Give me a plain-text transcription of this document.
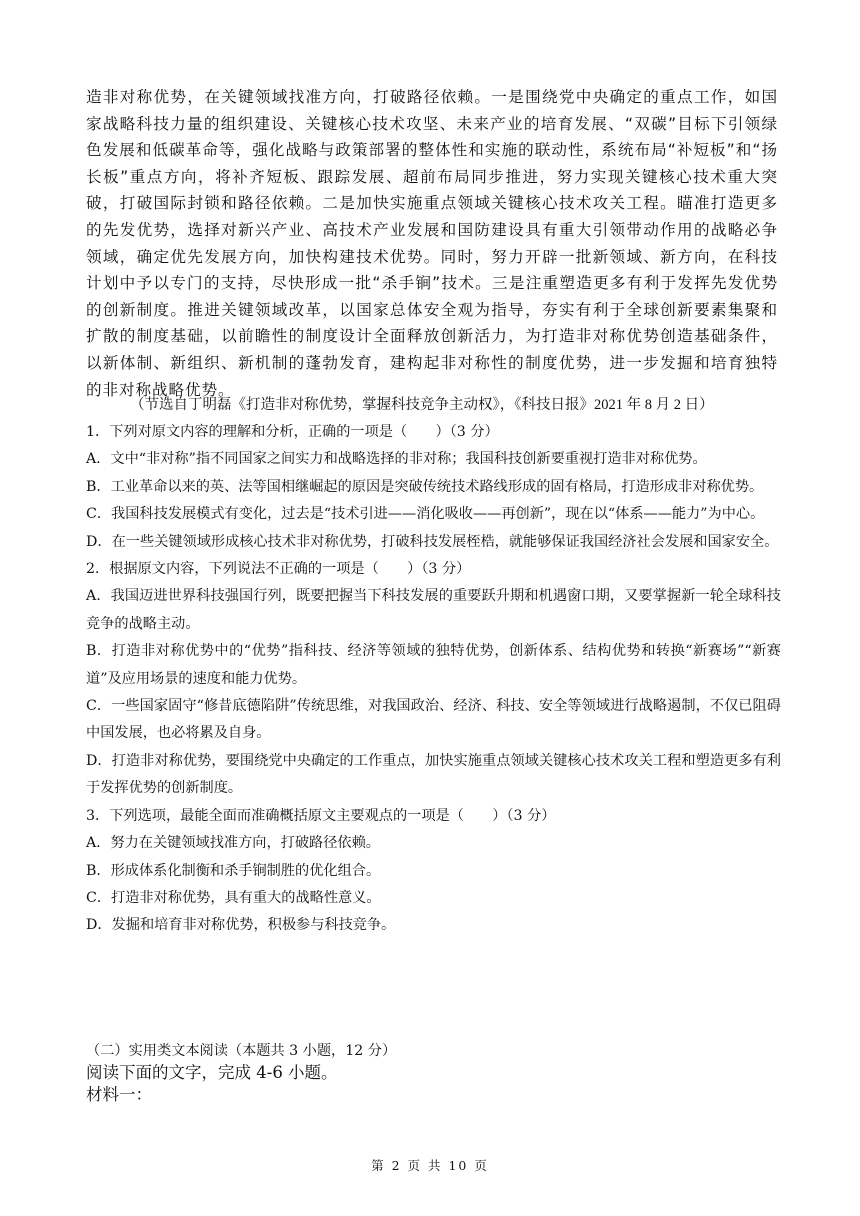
造非对称优势，在关键领域找准方向，打破路径依赖。一是围绕党中央确定的重点工作，如国家战略科技力量的组织建设、关键核心技术攻坚、未来产业的培育发展、“双碳”目标下引领绿色发展和低碳革命等，强化战略与政策部署的整体性和实施的联动性，系统布局“补短板”和“扬长板”重点方向，将补齐短板、跟踪发展、超前布局同步推进，努力实现关键核心技术重大突破，打破国际封锁和路径依赖。二是加快实施重点领域关键核心技术攻关工程。瞄准打造更多的先发优势，选择对新兴产业、高技术产业发展和国防建设具有重大引领带动作用的战略必争领域，确定优先发展方向，加快构建技术优势。同时，努力开辟一批新领域、新方向，在科技计划中予以专门的支持，尽快形成一批“杀手锏”技术。三是注重塑造更多有利于发挥先发优势的创新制度。推进关键领域改革，以国家总体安全观为指导，夯实有利于全球创新要素集聚和扩散的制度基础，以前瞻性的制度设计全面释放创新活力，为打造非对称优势创造基础条件，以新体制、新组织、新机制的蓬勃发育，建构起非对称性的制度优势，进一步发掘和培育独特的非对称战略优势。

（节选自丁明磊《打造非对称优势，掌握科技竞争主动权》，《科技日报》2021 年 8 月 2 日）

1．下列对原文内容的理解和分析，正确的一项是（　　）（3 分）

A．文中“非对称”指不同国家之间实力和战略选择的非对称；我国科技创新要重视打造非对称优势。

B．工业革命以来的英、法等国相继崛起的原因是突破传统技术路线形成的固有格局，打造形成非对称优势。

C．我国科技发展模式有变化，过去是“技术引进——消化吸收——再创新”，现在以“体系——能力”为中心。

D．在一些关键领域形成核心技术非对称优势，打破科技发展桎梏，就能够保证我国经济社会发展和国家安全。

2．根据原文内容，下列说法不正确的一项是（　　）（3 分）

A．我国迈进世界科技强国行列，既要把握当下科技发展的重要跃升期和机遇窗口期，又要掌握新一轮全球科技竞争的战略主动。

B．打造非对称优势中的“优势”指科技、经济等领域的独特优势，创新体系、结构优势和转换“新赛场”“新赛道”及应用场景的速度和能力优势。

C．一些国家固守“修昔底德陷阱”传统思维，对我国政治、经济、科技、安全等领域进行战略遏制，不仅已阻碍中国发展，也必将累及自身。

D．打造非对称优势，要围绕党中央确定的工作重点，加快实施重点领域关键核心技术攻关工程和塑造更多有利于发挥优势的创新制度。

3．下列选项，最能全面而准确概括原文主要观点的一项是（　　）（3 分）

A．努力在关键领域找准方向，打破路径依赖。

B．形成体系化制衡和杀手锏制胜的优化组合。

C．打造非对称优势，具有重大的战略性意义。

D．发掘和培育非对称优势，积极参与科技竞争。

（二）实用类文本阅读（本题共 3 小题，12 分）

阅读下面的文字，完成 4-6 小题。

材料一：

第 2 页 共 10 页
